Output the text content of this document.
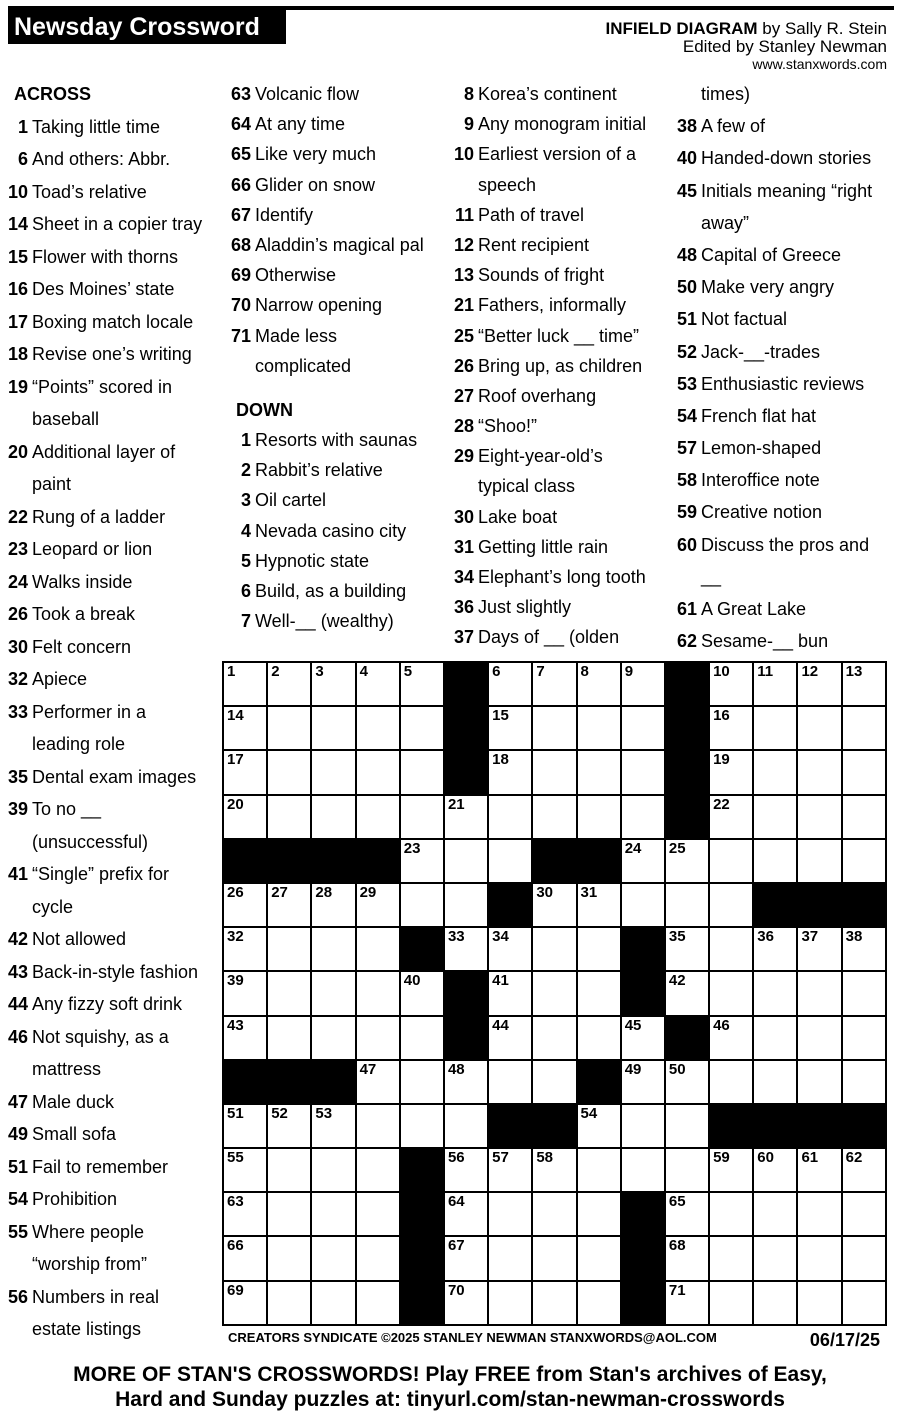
Newsday Crossword	INFIELD DIAGRAM by Sally R. Stein
Edited by Stanley Newman
www.stanxwords.com
ACROSS
1 Taking little time
6 And others: Abbr.
10 Toad’s relative
14 Sheet in a copier tray
15 Flower with thorns
16 Des Moines’ state
17 Boxing match locale
18 Revise one’s writing
19 “Points” scored in
baseball
20 Additional layer of
paint
22 Rung of a ladder
23 Leopard or lion
24 Walks inside
26 Took a break
30 Felt concern
32 Apiece
33 Performer in a
leading role
35 Dental exam images
39 To no __
(unsuccessful)
41 “Single” prefix for
cycle
42 Not allowed
43 Back-in-style fashion
44 Any fizzy soft drink
46 Not squishy, as a
mattress
47 Male duck
49 Small sofa
51 Fail to remember
54 Prohibition
55 Where people
“worship from”
56 Numbers in real
estate listings
63 Volcanic flow
64 At any time
65 Like very much
66 Glider on snow
67 Identify
68 Aladdin’s magical pal
69 Otherwise
70 Narrow opening
71 Made less
complicated
DOWN
1 Resorts with saunas
2 Rabbit’s relative
3 Oil cartel
4 Nevada casino city
5 Hypnotic state
6 Build, as a building
7 Well-__ (wealthy)
8 Korea’s continent
9 Any monogram initial
10 Earliest version of a
speech
11 Path of travel
12 Rent recipient
13 Sounds of fright
21 Fathers, informally
25 “Better luck __ time”
26 Bring up, as children
27 Roof overhang
28 “Shoo!”
29 Eight-year-old’s
typical class
30 Lake boat
31 Getting little rain
34 Elephant’s long tooth
36 Just slightly
37 Days of __ (olden
times)
38 A few of
40 Handed-down stories
45 Initials meaning “right
away”
48 Capital of Greece
50 Make very angry
51 Not factual
52 Jack-__-trades
53 Enthusiastic reviews
54 French flat hat
57 Lemon-shaped
58 Interoffice note
59 Creative notion
60 Discuss the pros and
__
61 A Great Lake
62 Sesame-__ bun
1 2 3 4 5	6 7 8 9	10 11 12 13
14	15	16
17	18	19
20	21	22
23	24 25
26 27 28 29	30 31
32	33 34	35	36 37 38
39	40	41	42
43	44	45	46
47	48	49 50
51 52 53	54
55	56 57 58	59 60 61 62
63	64	65
66	67	68
69	70	71
CREATORS SYNDICATE ©2025 STANLEY NEWMAN STANXWORDS@AOL.COM	06/17/25
MORE OF STAN'S CROSSWORDS! Play FREE from Stan's archives of Easy,
Hard and Sunday puzzles at: tinyurl.com/stan-newman-crosswords
